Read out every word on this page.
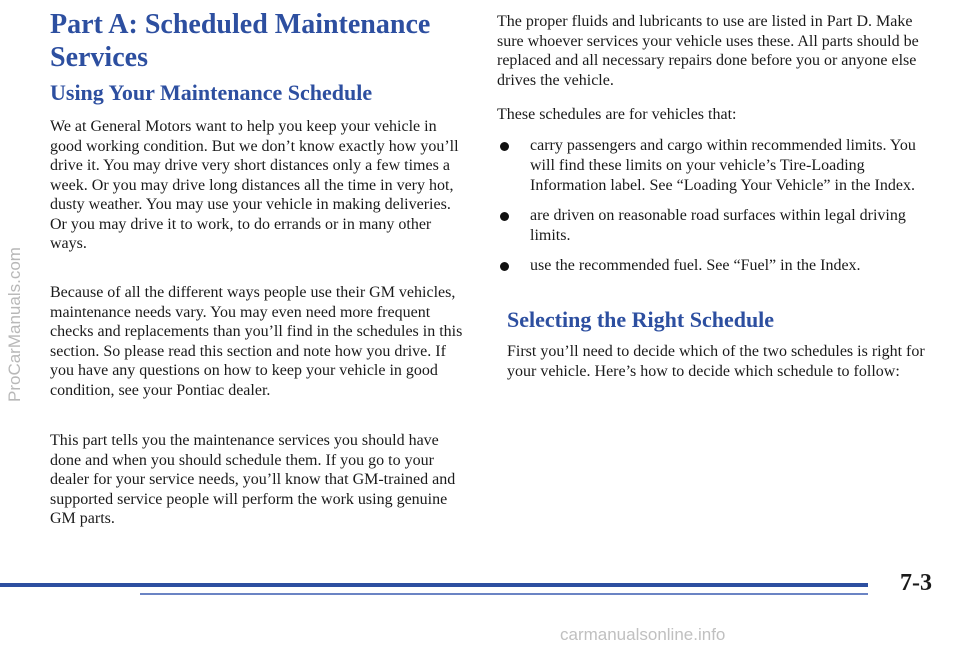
ProCarManuals.com
Part A: Scheduled Maintenance Services
Using Your Maintenance Schedule

We at General Motors want to help you keep your vehicle in good working condition. But we don’t know exactly how you’ll drive it. You may drive very short distances only a few times a week. Or you may drive long distances all the time in very hot, dusty weather. You may use your vehicle in making deliveries. Or you may drive it to work, to do errands or in many other ways.

Because of all the different ways people use their GM vehicles, maintenance needs vary. You may even need more frequent checks and replacements than you’ll find in the schedules in this section. So please read this section and note how you drive. If you have any questions on how to keep your vehicle in good condition, see your Pontiac dealer.

This part tells you the maintenance services you should have done and when you should schedule them. If you go to your dealer for your service needs, you’ll know that GM-trained and supported service people will perform the work using genuine GM parts.

The proper fluids and lubricants to use are listed in Part D. Make sure whoever services your vehicle uses these. All parts should be replaced and all necessary repairs done before you or anyone else drives the vehicle.

These schedules are for vehicles that:

carry passengers and cargo within recommended limits. You will find these limits on your vehicle’s Tire-Loading Information label. See “Loading Your Vehicle” in the Index.
are driven on reasonable road surfaces within legal driving limits.
use the recommended fuel. See “Fuel” in the Index.
Selecting the Right Schedule

First you’ll need to decide which of the two schedules is right for your vehicle. Here’s how to decide which schedule to follow:

7-3
carmanualsonline.info
